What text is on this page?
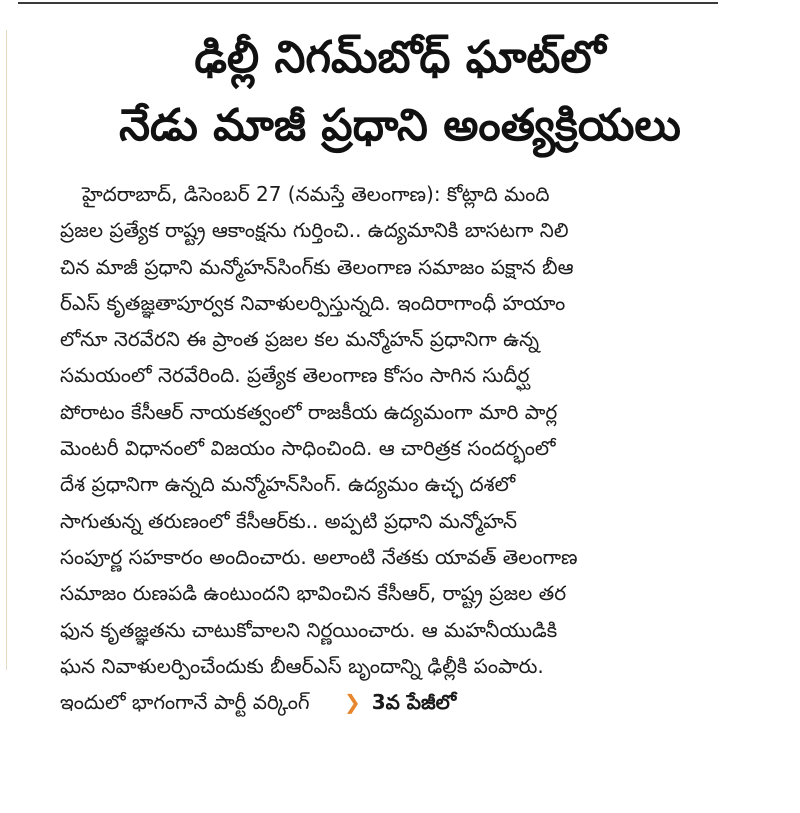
ఢిల్లీ నిగమ్‌బోధ్‌ ఘాట్‌లో
నేడు మాజీ ప్రధాని అంత్యక్రియలు
హైదరాబాద్‌, డిసెంబర్‌ 27 (నమస్తే తెలంగాణ): కోట్లాది మంది
ప్రజల ప్రత్యేక రాష్ట్ర ఆకాంక్షను గుర్తించి.. ఉద్యమానికి బాసటగా నిలి
చిన మాజీ ప్రధాని మన్మోహన్‌సింగ్‌కు తెలంగాణ సమాజం పక్షాన బీఆ
ర్‌ఎస్‌ కృతజ్ఞతాపూర్వక నివాళులర్పిస్తున్నది. ఇందిరాగాంధీ హయాం
లోనూ నెరవేరని ఈ ప్రాంత ప్రజల కల మన్మోహన్‌ ప్రధానిగా ఉన్న
సమయంలో నెరవేరింది. ప్రత్యేక తెలంగాణ కోసం సాగిన సుదీర్ఘ
పోరాటం కేసీఆర్‌ నాయకత్వంలో రాజకీయ ఉద్యమంగా మారి పార్ల
మెంటరీ విధానంలో విజయం సాధించింది. ఆ చారిత్రక సందర్భంలో
దేశ ప్రధానిగా ఉన్నది మన్మోహన్‌సింగ్‌. ఉద్యమం ఉచ్ఛ దశలో
సాగుతున్న తరుణంలో కేసీఆర్‌కు.. అప్పటి ప్రధాని మన్మోహన్‌
సంపూర్ణ సహకారం అందించారు. అలాంటి నేతకు యావత్‌ తెలంగాణ
సమాజం రుణపడి ఉంటుందని భావించిన కేసీఆర్‌, రాష్ట్ర ప్రజల తర
ఫున కృతజ్ఞతను చాటుకోవాలని నిర్ణయించారు. ఆ మహనీయుడికి
ఘన నివాళులర్పించేందుకు బీఆర్‌ఎస్‌ బృందాన్ని ఢిల్లీకి పంపారు.
ఇందులో భాగంగానే పార్టీ వర్కింగ్‌ ❯ 3వ పేజీలో
